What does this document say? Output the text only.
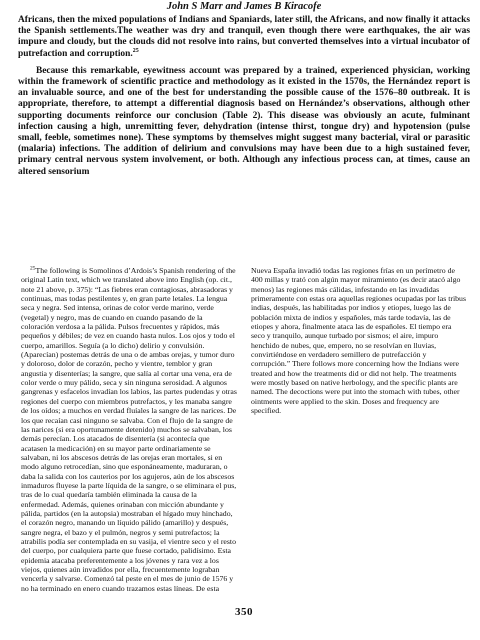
John S Marr and James B Kiracofe

Africans, then the mixed populations of Indians and Spaniards, later still, the Africans, and now finally it attacks the Spanish settlements.The weather was dry and tranquil, even though there were earthquakes, the air was impure and cloudy, but the clouds did not resolve into rains, but converted themselves into a virtual incubator of putrefaction and corruption.$^{25}$

Because this remarkable, eyewitness account was prepared by a trained, experienced physician, working within the framework of scientific practice and methodology as it existed in the 1570s, the Hernández report is an invaluable source, and one of the best for understanding the possible cause of the 1576–80 outbreak. It is appropriate, therefore, to attempt a differential diagnosis based on Hernández’s observations, although other supporting documents reinforce our conclusion (Table 2). This disease was obviously an acute, fulminant infection causing a high, unremitting fever, dehydration (intense thirst, tongue dry) and hypotension (pulse small, feeble, sometimes none). These symptoms by themselves might suggest many bacterial, viral or parasitic (malaria) infections. The addition of delirium and convulsions may have been due to a high sustained fever, primary central nervous system involvement, or both. Although any infectious process can, at times, cause an altered sensorium

$^{25}$The following is Somolinos d’Ardois’s Spanish rendering of the original Latin text, which we translated above into English (op. cit., note 21 above, p. 375): “Las fiebres eran contagiosas, abrasadoras y continuas, mas todas pestilentes y, en gran parte letales. La lengua seca y negra. Sed intensa, orinas de color verde marino, verde (vegetal) y negro, mas de cuando en cuando pasando de la coloración verdosa a la pálida. Pulsos frecuentes y rápidos, más pequeños y débiles; de vez en cuando hasta nulos. Los ojos y todo el cuerpo, amarillos. Seguía (a lo dicho) delirio y convulsión. (Aparecían) postemas detrás de una o de ambas orejas, y tumor duro y doloroso, dolor de corazón, pecho y vientre, temblor y gran angustia y disenterías; la sangre, que salía al cortar una vena, era de color verde o muy pálido, seca y sin ninguna serosidad. A algunos gangrenas y esfacelos invadían los labios, las partes pudendas y otras regiones del cuerpo con miembros putrefactos, y les manaba sangre de los oídos; a muchos en verdad fluíales la sangre de las narices. De los que recaían casi ninguno se salvaba. Con el flujo de la sangre de las narices (si era oportunamente detenido) muchos se salvaban, los demás perecían. Los atacados de disentería (si acontecía que acatasen la medicación) en su mayor parte ordinariamente se salvaban, ni los abscesos detrás de las orejas eran mortales, si en modo alguno retrocedían, sino que esponáneamente, maduraran, o daba la salida con los cauterios por los agujeros, aún de los abscesos inmaduros fluyese la parte líquida de la sangre, o se eliminara el pus, tras de lo cual quedaría también eliminada la causa de la enfermedad. Además, quienes orinaban con micción abundante y pálida, partidos (en la autopsia) mostraban el hígado muy hinchado, el corazón negro, manando un líquido pálido (amarillo) y después, sangre negra, el bazo y el pulmón, negros y semi putrefactos; la atrabilis podía ser contemplada en su vasija, el vientre seco y el resto del cuerpo, por cualquiera parte que fuese cortado, palidísimo. Esta epidemia atacaba preferentemente a los jóvenes y rara vez a los viejos, quienes aún invadidos por ella, frecuentemente lograban vencerla y salvarse. Comenzó tal peste en el mes de junio de 1576 y no ha terminado en enero cuando trazamos estas líneas. De esta Nueva España invadió todas las regiones frías en un perímetro de 400 millas y trató con algún mayor miramiento (es decir atacó algo menos) las regiones más cálidas, infestando en las invadidas primeramente con estas ora aquellas regiones ocupadas por las tribus indias, después, las habilitadas por indios y etiopes, luego las de población mixta de indios y españoles, más tarde todavía, las de etiopes y ahora, finalmente ataca las de españoles. El tiempo era seco y tranquilo, aunque turbado por sismos; el aire, impuro henchido de nubes, que, empero, no se resolvían en lluvias, convirtiéndose en verdadero semillero de putrefacción y corrupción.” There follows more concerning how the Indians were treated and how the treatments did or did not help. The treatments were mostly based on native herbology, and the specific plants are named. The decoctions were put into the stomach with tubes, other ointments were applied to the skin. Doses and frequency are specified.

350
